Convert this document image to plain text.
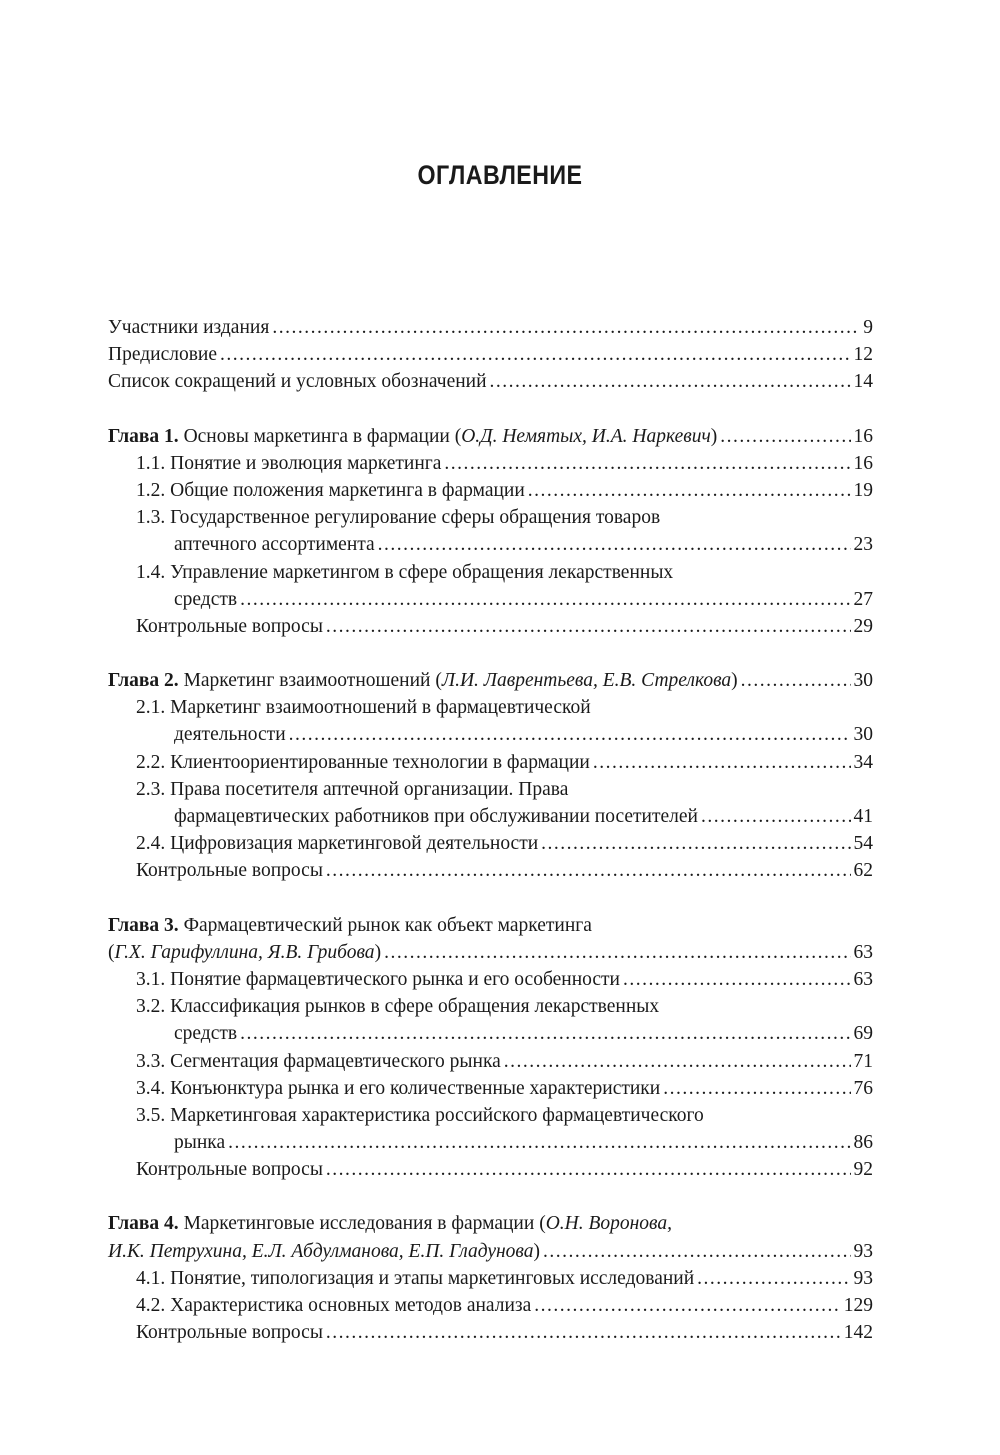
ОГЛАВЛЕНИЕ
Участники издания .....	9
Предисловие .....	12
Список сокращений и условных обозначений .....	14
Глава 1. Основы маркетинга в фармации (О.Д. Немятых, И.А. Наркевич) .....	16
1.1. Понятие и эволюция маркетинга .....	16
1.2. Общие положения маркетинга в фармации .....	19
1.3. Государственное регулирование сферы обращения товаров
аптечного ассортимента .....	23
1.4. Управление маркетингом в сфере обращения лекарственных
средств .....	27
Контрольные вопросы .....	29
Глава 2. Маркетинг взаимоотношений (Л.И. Лаврентьева, Е.В. Стрелкова) .....	30
2.1. Маркетинг взаимоотношений в фармацевтической
деятельности .....	30
2.2. Клиентоориентированные технологии в фармации .....	34
2.3. Права посетителя аптечной организации. Права
фармацевтических работников при обслуживании посетителей .....	41
2.4. Цифровизация маркетинговой деятельности .....	54
Контрольные вопросы .....	62
Глава 3. Фармацевтический рынок как объект маркетинга
(Г.Х. Гарифуллина, Я.В. Грибова) .....	63
3.1. Понятие фармацевтического рынка и его особенности .....	63
3.2. Классификация рынков в сфере обращения лекарственных
средств .....	69
3.3. Сегментация фармацевтического рынка .....	71
3.4. Конъюнктура рынка и его количественные характеристики .....	76
3.5. Маркетинговая характеристика российского фармацевтического
рынка .....	86
Контрольные вопросы .....	92
Глава 4. Маркетинговые исследования в фармации (О.Н. Воронова,
И.К. Петрухина, Е.Л. Абдулманова, Е.П. Гладунова) .....	93
4.1. Понятие, типологизация и этапы маркетинговых исследований .....	93
4.2. Характеристика основных методов анализа .....	129
Контрольные вопросы .....	142
